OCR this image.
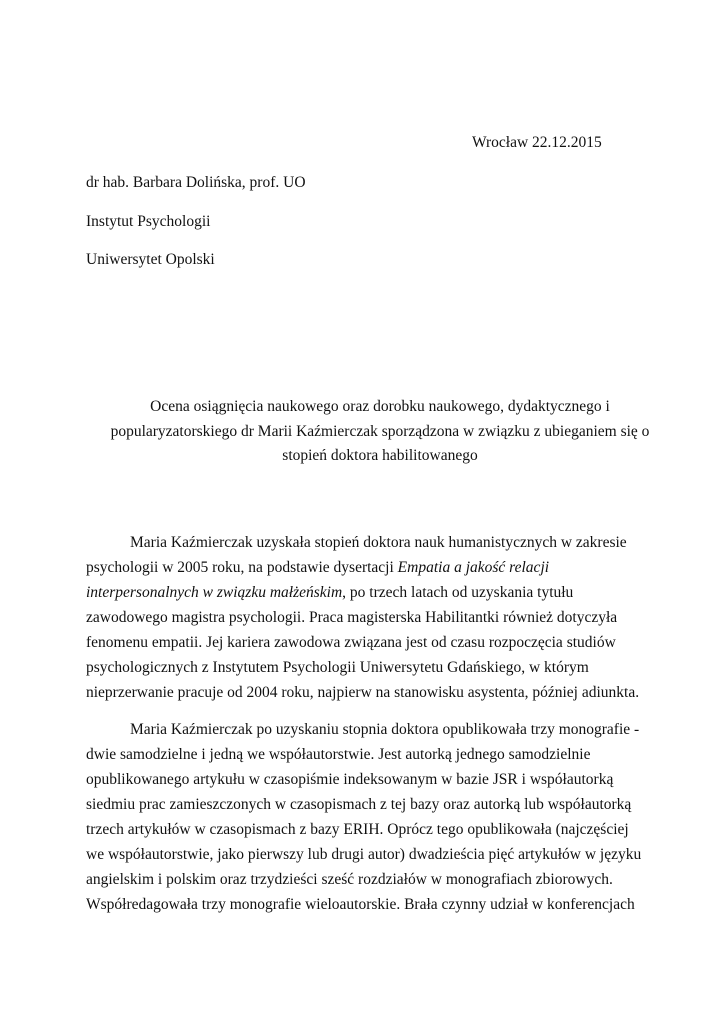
Wrocław 22.12.2015
dr hab. Barbara Dolińska, prof. UO
Instytut Psychologii
Uniwersytet Opolski
Ocena osiągnięcia naukowego oraz dorobku naukowego, dydaktycznego i
popularyzatorskiego dr Marii Kaźmierczak sporządzona w związku z ubieganiem się o
stopień doktora habilitowanego
Maria Kaźmierczak uzyskała stopień doktora nauk humanistycznych w zakresie
psychologii w 2005 roku, na podstawie dysertacji Empatia a jakość relacji
interpersonalnych w związku małżeńskim, po trzech latach od uzyskania tytułu
zawodowego magistra psychologii. Praca magisterska Habilitantki również dotyczyła
fenomenu empatii. Jej kariera zawodowa związana jest od czasu rozpoczęcia studiów
psychologicznych z Instytutem Psychologii Uniwersytetu Gdańskiego, w którym
nieprzerwanie pracuje od 2004 roku, najpierw na stanowisku asystenta, później adiunkta.
Maria Kaźmierczak po uzyskaniu stopnia doktora opublikowała trzy monografie -
dwie samodzielne i jedną we współautorstwie. Jest autorką jednego samodzielnie
opublikowanego artykułu w czasopiśmie indeksowanym w bazie JSR i współautorką
siedmiu prac zamieszczonych w czasopismach z tej bazy oraz autorką lub współautorką
trzech artykułów w czasopismach z bazy ERIH. Oprócz tego opublikowała (najczęściej
we współautorstwie, jako pierwszy lub drugi autor) dwadzieścia pięć artykułów w języku
angielskim i polskim oraz trzydzieści sześć rozdziałów w monografiach zbiorowych.
Współredagowała trzy monografie wieloautorskie. Brała czynny udział w konferencjach
